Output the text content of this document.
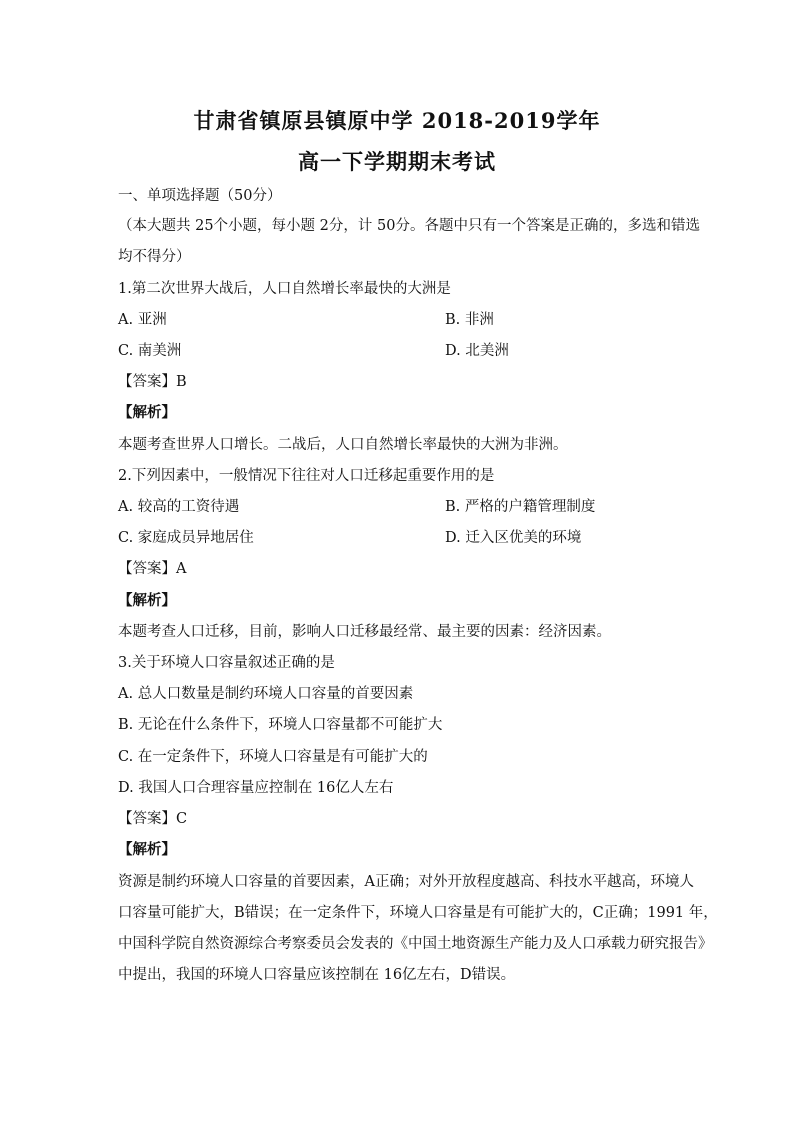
甘肃省镇原县镇原中学 2018-2019学年
高一下学期期末考试
一、单项选择题（50分）
（本大题共 25个小题，每小题 2分，计 50分。各题中只有一个答案是正确的，多选和错选
均不得分）
1.第二次世界大战后，人口自然增长率最快的大洲是
A. 亚洲	B. 非洲
C. 南美洲	D. 北美洲
【答案】B
【解析】
本题考查世界人口增长。二战后，人口自然增长率最快的大洲为非洲。
2.下列因素中，一般情况下往往对人口迁移起重要作用的是
A. 较高的工资待遇	B. 严格的户籍管理制度
C. 家庭成员异地居住	D. 迁入区优美的环境
【答案】A
【解析】
本题考查人口迁移，目前，影响人口迁移最经常、最主要的因素：经济因素。
3.关于环境人口容量叙述正确的是
A. 总人口数量是制约环境人口容量的首要因素
B. 无论在什么条件下，环境人口容量都不可能扩大
C. 在一定条件下，环境人口容量是有可能扩大的
D. 我国人口合理容量应控制在 16亿人左右
【答案】C
【解析】
资源是制约环境人口容量的首要因素，A正确；对外开放程度越高、科技水平越高，环境人
口容量可能扩大，B错误；在一定条件下，环境人口容量是有可能扩大的，C正确；1991 年，
中国科学院自然资源综合考察委员会发表的《中国土地资源生产能力及人口承载力研究报告》
中提出，我国的环境人口容量应该控制在 16亿左右，D错误。
